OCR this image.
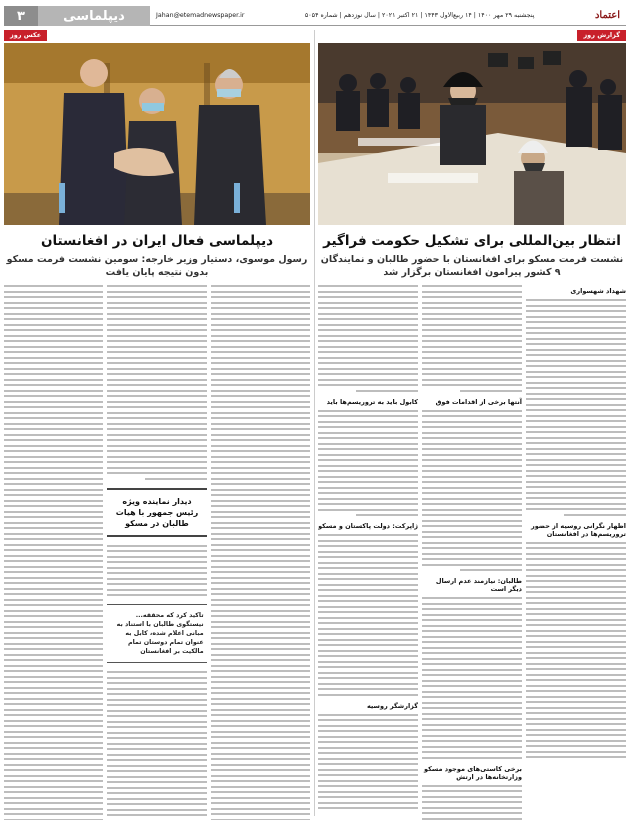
اعتماد
پنجشنبه ۲۹ مهر ۱۴۰۰ | ۱۴ ربیع‌الاول ۱۴۴۳ | ۲۱ اکتبر ۲۰۲۱ | سال نوزدهم | شماره ۵۰۵۴
Jahan@etemadnewspaper.ir
دیپلماسی
۳
گزارش روز
انتظار بین‌المللی برای تشکیل حکومت فراگیر
نشست فرمت مسکو برای افغانستان با حضور طالبان و نمایندگان ۹ کشور پیرامون افغانستان برگزار شد
شهداد شهسواری
اظهار نگرانی روسیه از حضور تروریسم‌ها در افغانستان
آنتها برخی از اقدامات فوق
طالبان: نیازمند عدم ارسال دیگر است
برخی کاستی‌های موجود مسکو وزارتخانه‌ها در ارتش
کابول باید به تروریسم‌ها باید
ژاپرکت: دولت پاکستان و مسکو
گزارشگر روسیه
عکس روز
دیپلماسی فعال ایران در افغانستان
رسول موسوی، دستیار وزیر خارجه: سومین نشست فرمت مسکو بدون نتیجه پایان یافت
دیدار نماینده ویژه رئیس جمهور با هیات طالبان در مسکو
تاکید کرد که محققه... نیستگوی طالبان با استناد به مبانی اعلام شده، کابل به عنوان تمام دوستان تمام مالکیت بر افغانستان
